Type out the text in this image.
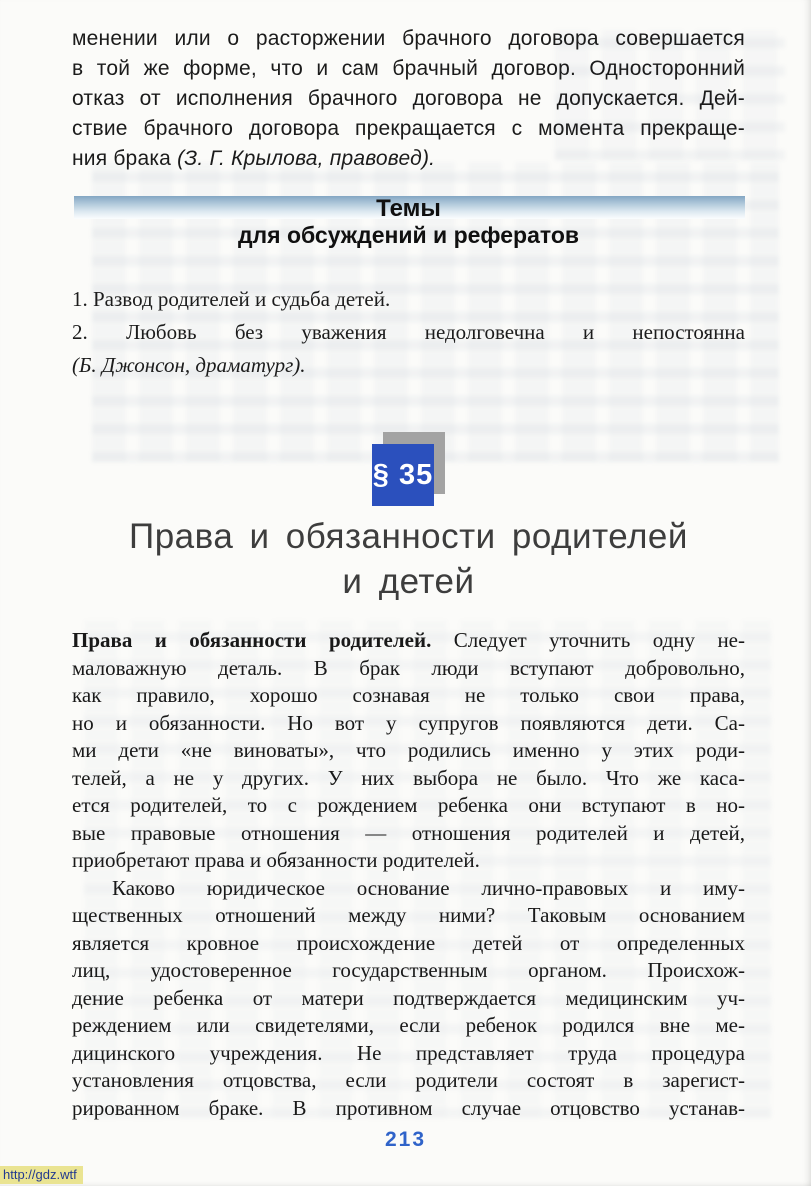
менении или о расторжении брачного договора совершается
в той же форме, что и сам брачный договор. Односторонний
отказ от исполнения брачного договора не допускается. Дей-
ствие брачного договора прекращается с момента прекраще-
ния брака (З. Г. Крылова, правовед).
Темы
для обсуждений и рефератов
1. Развод родителей и судьба детей.
2. Любовь без уважения недолговечна и непостоянна
(Б. Джонсон, драматург).
§ 35
Права и обязанности родителей
и детей
Права и обязанности родителей. Следует уточнить одну не-
маловажную деталь. В брак люди вступают добровольно,
как правило, хорошо сознавая не только свои права,
но и обязанности. Но вот у супругов появляются дети. Са-
ми дети «не виноваты», что родились именно у этих роди-
телей, а не у других. У них выбора не было. Что же каса-
ется родителей, то с рождением ребенка они вступают в но-
вые правовые отношения — отношения родителей и детей,
приобретают права и обязанности родителей.
Каково юридическое основание лично-правовых и иму-
щественных отношений между ними? Таковым основанием
является кровное происхождение детей от определенных
лиц, удостоверенное государственным органом. Происхож-
дение ребенка от матери подтверждается медицинским уч-
реждением или свидетелями, если ребенок родился вне ме-
дицинского учреждения. Не представляет труда процедура
установления отцовства, если родители состоят в зарегист-
рированном браке. В противном случае отцовство устанав-
213
http://gdz.wtf
